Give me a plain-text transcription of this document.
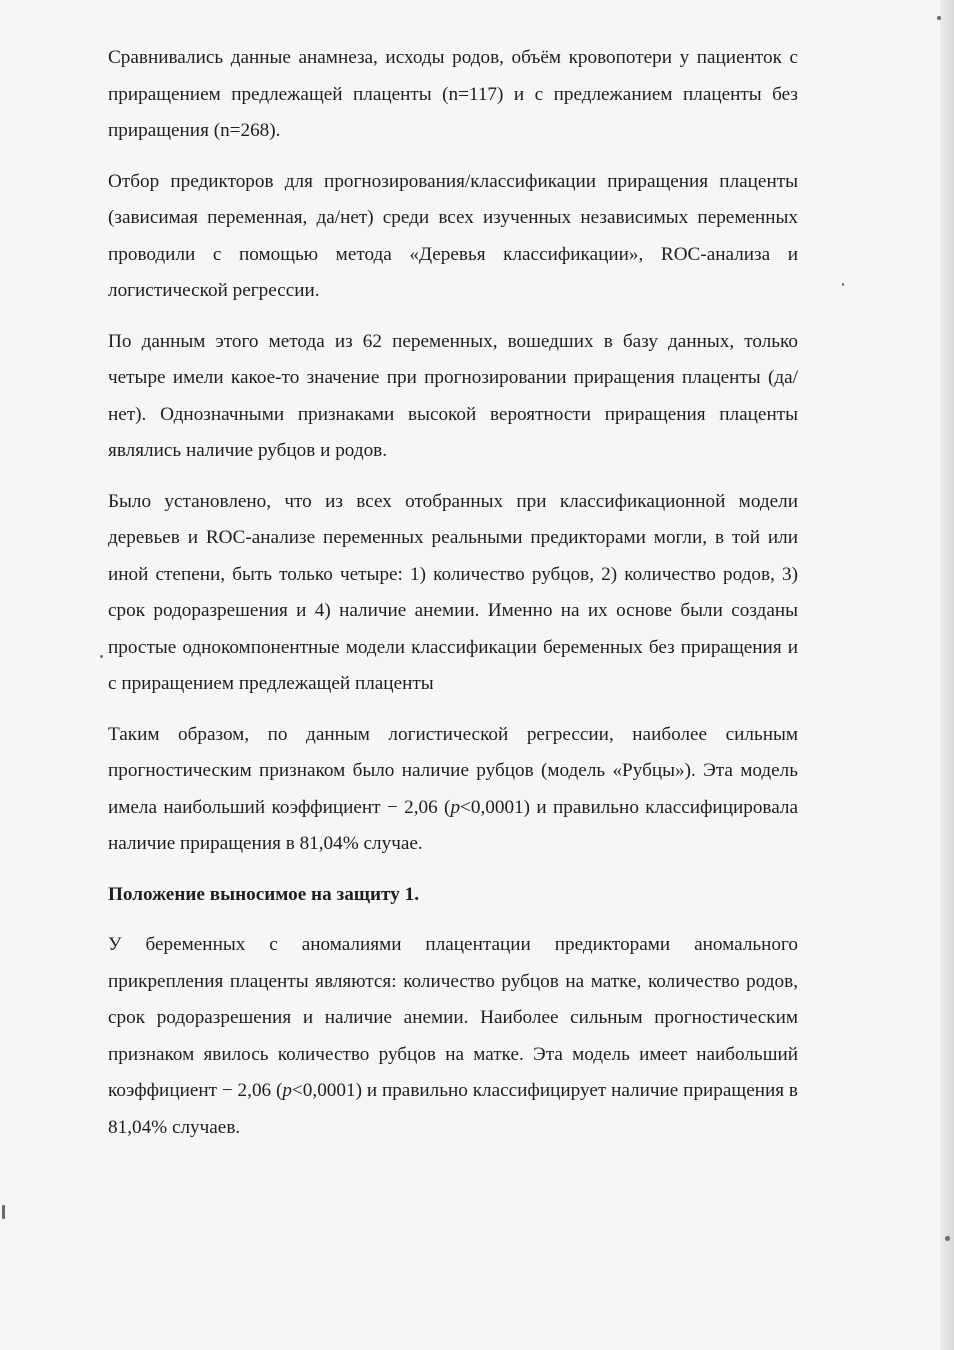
Сравнивались данные анамнеза, исходы родов, объём кровопотери у пациенток с приращением предлежащей плаценты (n=117) и с предлежанием плаценты без приращения (n=268).

Отбор предикторов для прогнозирования/классификации приращения плаценты (зависимая переменная, да/нет) среди всех изученных независимых переменных проводили с помощью метода «Деревья классификации», ROC-анализа и логистической регрессии.

По данным этого метода из 62 переменных, вошедших в базу данных, только четыре имели какое-то значение при прогнозировании приращения плаценты (да/нет). Однозначными признаками высокой вероятности приращения плаценты являлись наличие рубцов и родов.

Было установлено, что из всех отобранных при классификационной модели деревьев и ROC-анализе переменных реальными предикторами могли, в той или иной степени, быть только четыре: 1) количество рубцов, 2) количество родов, 3) срок родоразрешения и 4) наличие анемии. Именно на их основе были созданы простые однокомпонентные модели классификации беременных без приращения и с приращением предлежащей плаценты

Таким образом, по данным логистической регрессии, наиболее сильным прогностическим признаком было наличие рубцов (модель «Рубцы»). Эта модель имела наибольший коэффициент − 2,06 (p<0,0001) и правильно классифицировала наличие приращения в 81,04% случае.

Положение выносимое на защиту 1.

У беременных с аномалиями плацентации предикторами аномального прикрепления плаценты являются: количество рубцов на матке, количество родов, срок родоразрешения и наличие анемии. Наиболее сильным прогностическим признаком явилось количество рубцов на матке. Эта модель имеет наибольший коэффициент − 2,06 (p<0,0001) и правильно классифицирует наличие приращения в 81,04% случаев.
